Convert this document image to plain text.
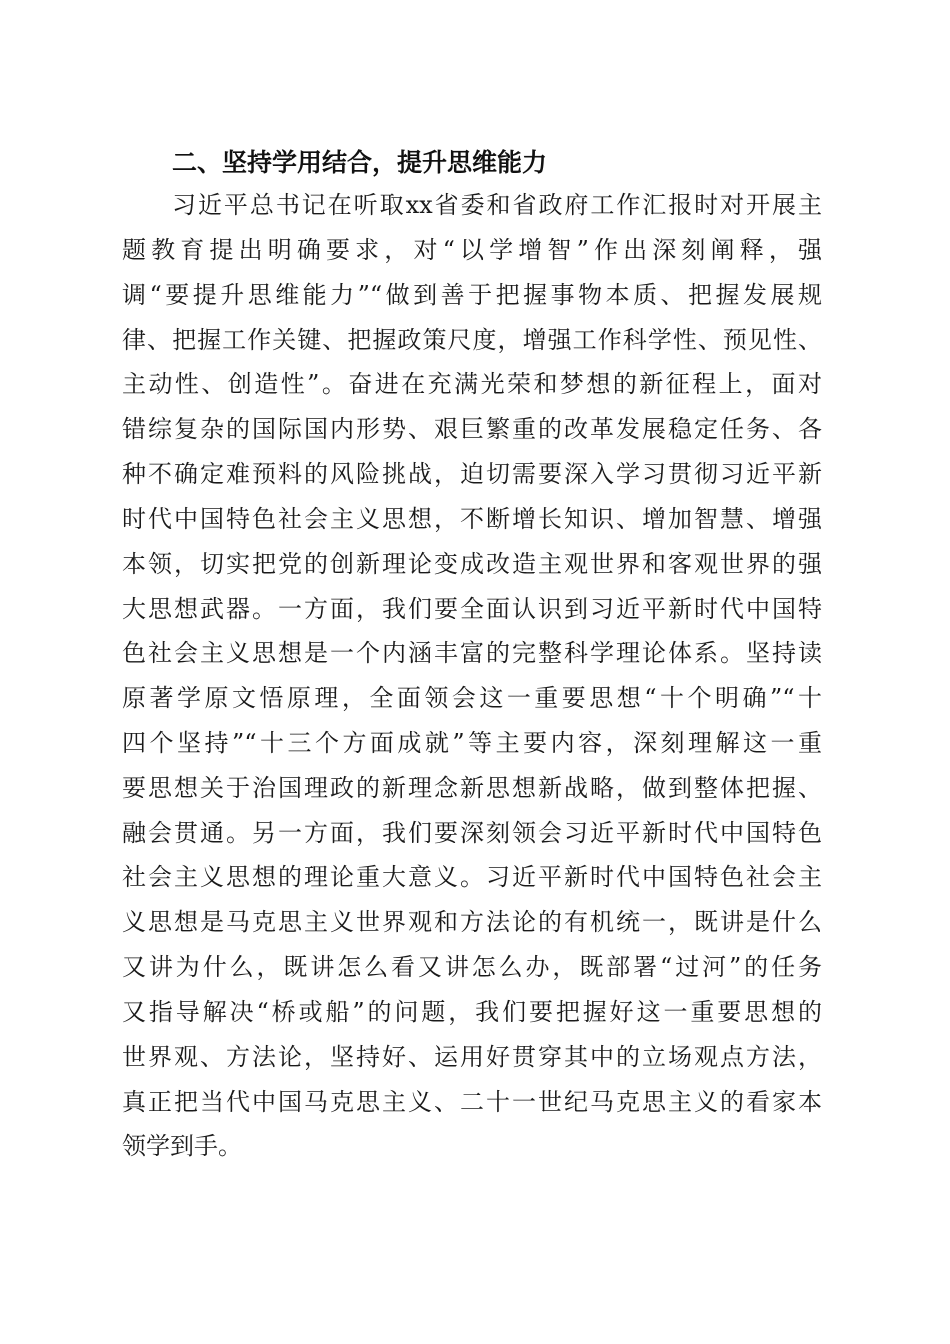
二、坚持学用结合，提升思维能力

习近平总书记在听取xx省委和省政府工作汇报时对开展主

题教育提出明确要求，对“以学增智”作出深刻阐释，强

调“要提升思维能力”“做到善于把握事物本质、把握发展规

律、把握工作关键、把握政策尺度，增强工作科学性、预见性、

主动性、创造性”。奋进在充满光荣和梦想的新征程上，面对

错综复杂的国际国内形势、艰巨繁重的改革发展稳定任务、各

种不确定难预料的风险挑战，迫切需要深入学习贯彻习近平新

时代中国特色社会主义思想，不断增长知识、增加智慧、增强

本领，切实把党的创新理论变成改造主观世界和客观世界的强

大思想武器。一方面，我们要全面认识到习近平新时代中国特

色社会主义思想是一个内涵丰富的完整科学理论体系。坚持读

原著学原文悟原理，全面领会这一重要思想“十个明确”“十

四个坚持”“十三个方面成就”等主要内容，深刻理解这一重

要思想关于治国理政的新理念新思想新战略，做到整体把握、

融会贯通。另一方面，我们要深刻领会习近平新时代中国特色

社会主义思想的理论重大意义。习近平新时代中国特色社会主

义思想是马克思主义世界观和方法论的有机统一，既讲是什么

又讲为什么，既讲怎么看又讲怎么办，既部署“过河”的任务

又指导解决“桥或船”的问题，我们要把握好这一重要思想的

世界观、方法论，坚持好、运用好贯穿其中的立场观点方法，

真正把当代中国马克思主义、二十一世纪马克思主义的看家本

领学到手。
